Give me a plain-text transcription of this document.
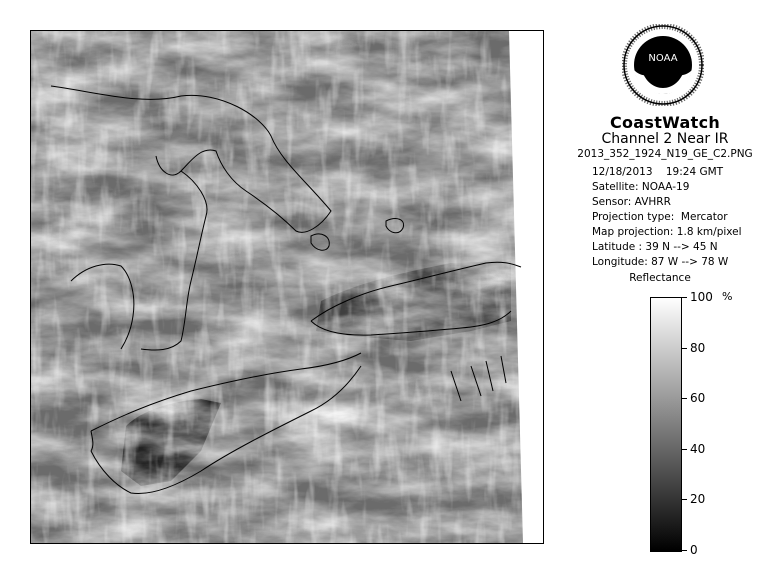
NOAA
CoastWatch
Channel 2 Near IR
2013_352_1924_N19_GE_C2.PNG
12/18/2013    19:24 GMT
Satellite: NOAA-19
Sensor: AVHRR
Projection type:  Mercator
Map projection: 1.8 km/pixel
Latitude : 39 N --> 45 N
Longitude: 87 W --> 78 W
Reflectance
%
100
80
60
40
20
0
